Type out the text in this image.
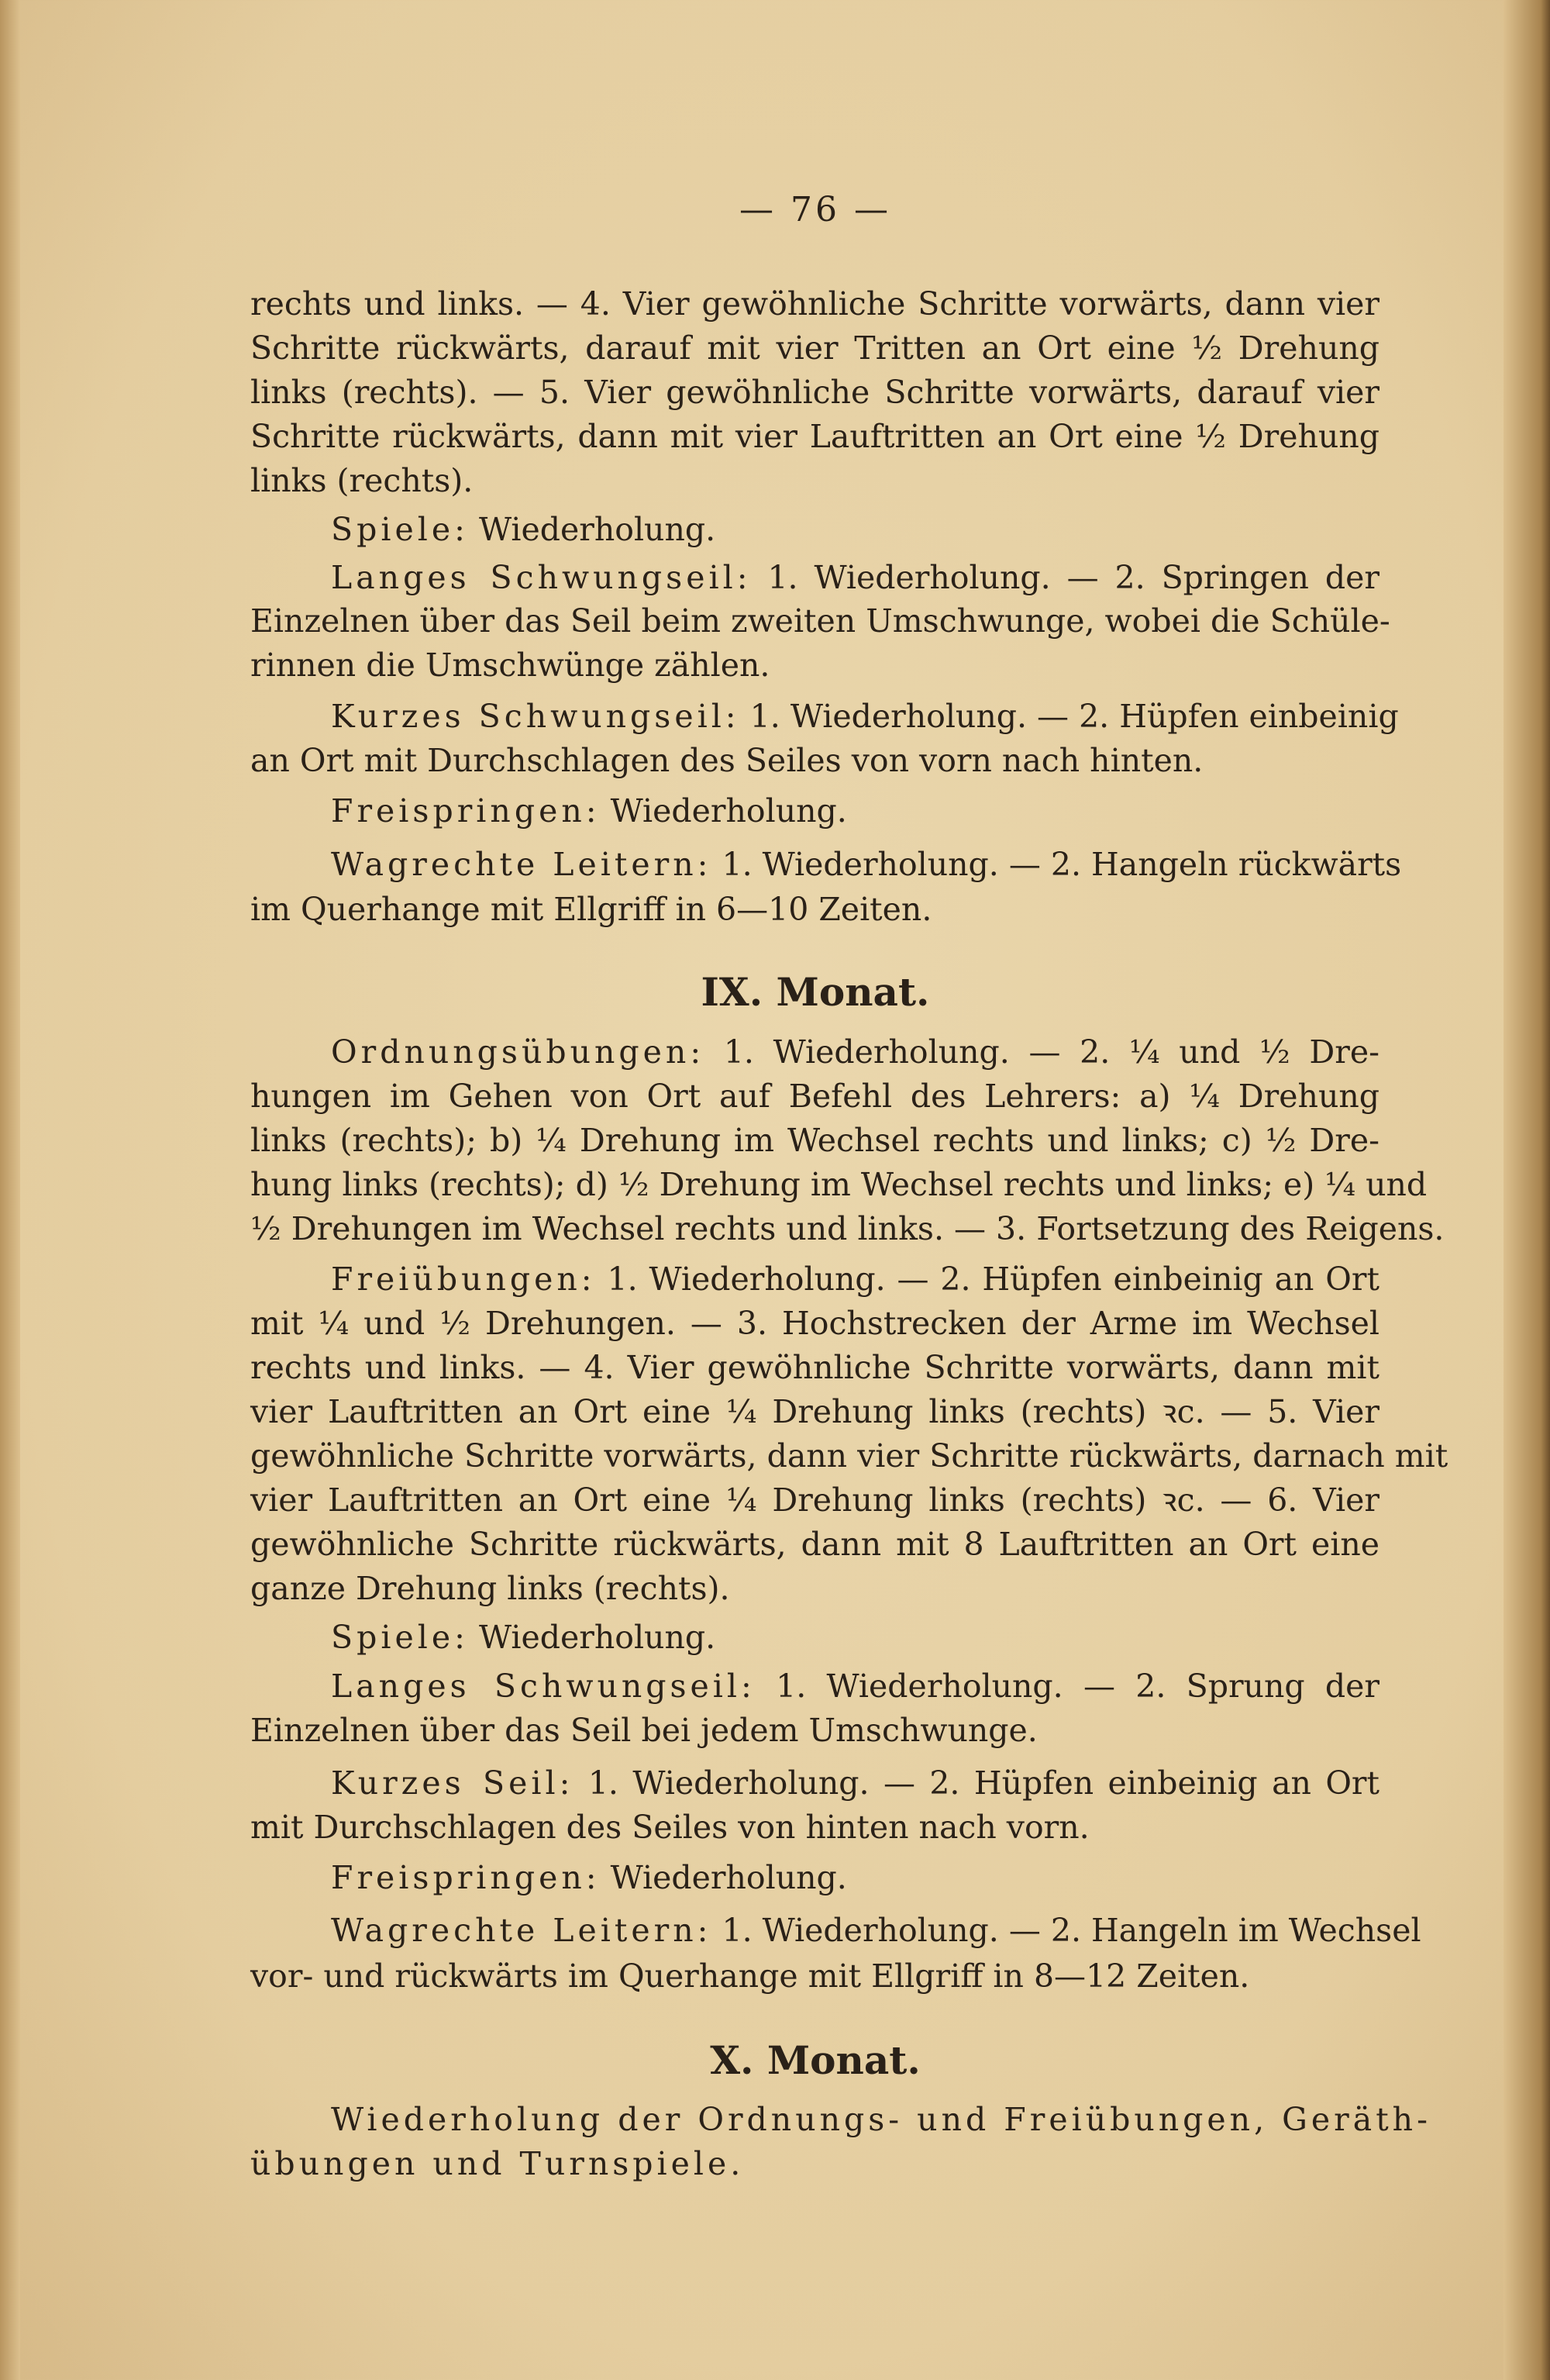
— 76 —
rechts und links. — 4. Vier gewöhnliche Schritte vorwärts, dann vier
Schritte rückwärts, darauf mit vier Tritten an Ort eine ½ Drehung
links (rechts). — 5. Vier gewöhnliche Schritte vorwärts, darauf vier
Schritte rückwärts, dann mit vier Lauftritten an Ort eine ½ Drehung
links (rechts).
Spiele: Wiederholung.
Langes Schwungseil: 1. Wiederholung. — 2. Springen der
Einzelnen über das Seil beim zweiten Umschwunge, wobei die Schüle-
rinnen die Umschwünge zählen.
Kurzes Schwungseil: 1. Wiederholung. — 2. Hüpfen einbeinig
an Ort mit Durchschlagen des Seiles von vorn nach hinten.
Freispringen: Wiederholung.
Wagrechte Leitern: 1. Wiederholung. — 2. Hangeln rückwärts
im Querhange mit Ellgriff in 6—10 Zeiten.
IX. Monat.
Ordnungsübungen: 1. Wiederholung. — 2. ¼ und ½ Dre-
hungen im Gehen von Ort auf Befehl des Lehrers: a) ¼ Drehung
links (rechts); b) ¼ Drehung im Wechsel rechts und links; c) ½ Dre-
hung links (rechts); d) ½ Drehung im Wechsel rechts und links; e) ¼ und
½ Drehungen im Wechsel rechts und links. — 3. Fortsetzung des Reigens.
Freiübungen: 1. Wiederholung. — 2. Hüpfen einbeinig an Ort
mit ¼ und ½ Drehungen. — 3. Hochstrecken der Arme im Wechsel
rechts und links. — 4. Vier gewöhnliche Schritte vorwärts, dann mit
vier Lauftritten an Ort eine ¼ Drehung links (rechts) ꝛc. — 5. Vier
gewöhnliche Schritte vorwärts, dann vier Schritte rückwärts, darnach mit
vier Lauftritten an Ort eine ¼ Drehung links (rechts) ꝛc. — 6. Vier
gewöhnliche Schritte rückwärts, dann mit 8 Lauftritten an Ort eine
ganze Drehung links (rechts).
Spiele: Wiederholung.
Langes Schwungseil: 1. Wiederholung. — 2. Sprung der
Einzelnen über das Seil bei jedem Umschwunge.
Kurzes Seil: 1. Wiederholung. — 2. Hüpfen einbeinig an Ort
mit Durchschlagen des Seiles von hinten nach vorn.
Freispringen: Wiederholung.
Wagrechte Leitern: 1. Wiederholung. — 2. Hangeln im Wechsel
vor- und rückwärts im Querhange mit Ellgriff in 8—12 Zeiten.
X. Monat.
Wiederholung der Ordnungs- und Freiübungen, Geräth-
übungen und Turnspiele.
